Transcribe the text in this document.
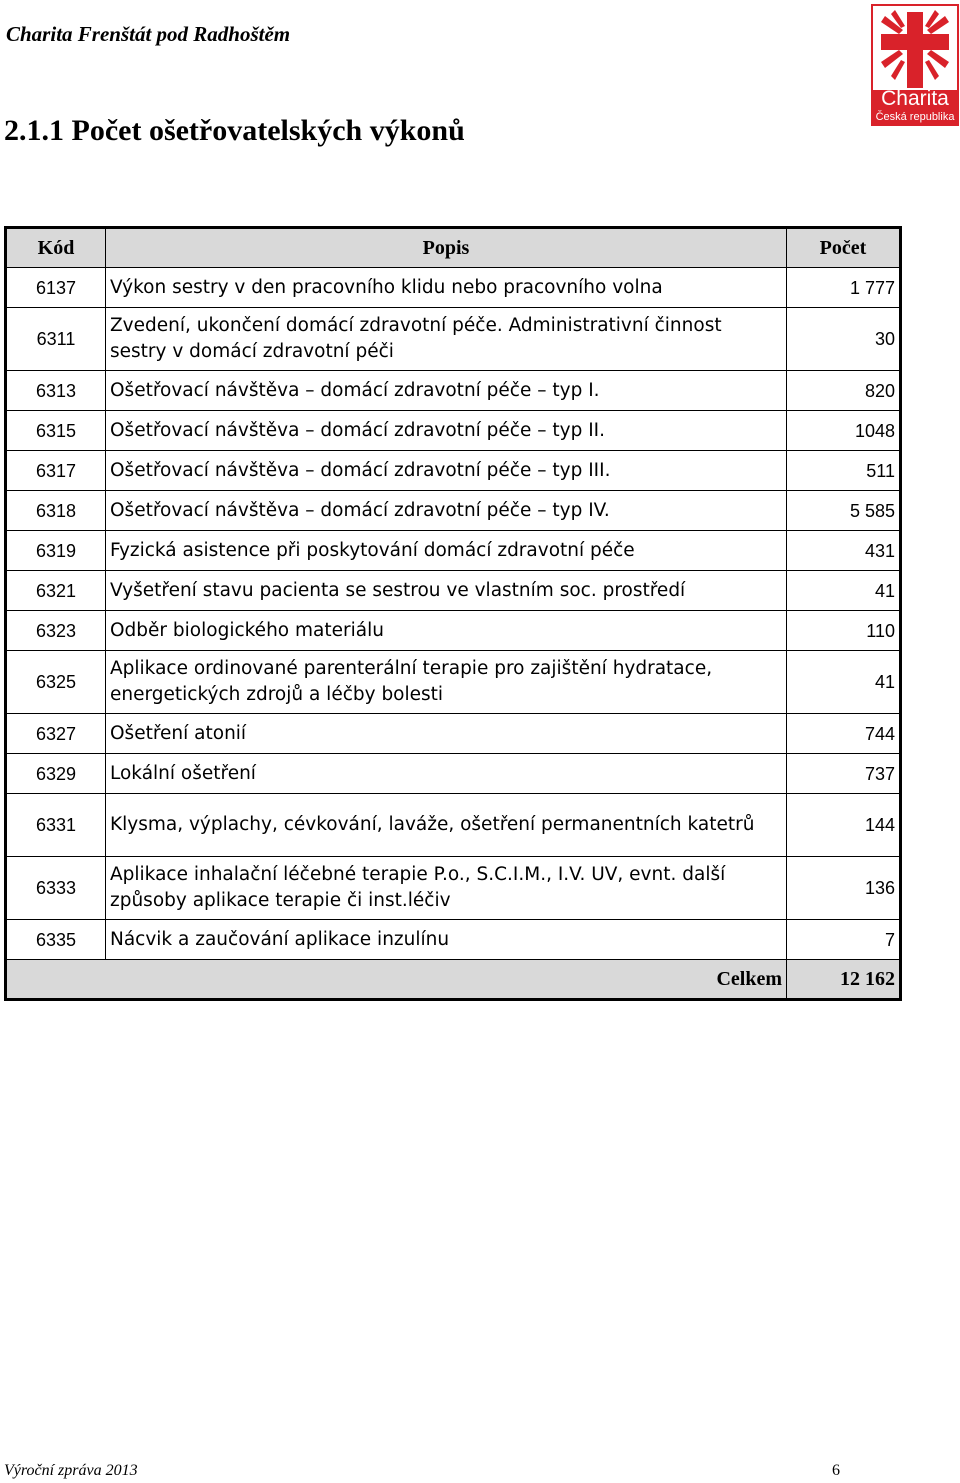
Charita Frenštát pod Radhoštěm
Charita
Česká republika
2.1.1 Počet ošetřovatelských výkonů
Kód	Popis	Počet
6137	Výkon sestry v den pracovního klidu nebo pracovního volna	1 777
6311	Zvedení, ukončení domácí zdravotní péče. Administrativní činnost sestry v domácí zdravotní péči	30
6313	Ošetřovací návštěva – domácí zdravotní péče – typ I.	820
6315	Ošetřovací návštěva – domácí zdravotní péče – typ II.	1048
6317	Ošetřovací návštěva – domácí zdravotní péče – typ III.	511
6318	Ošetřovací návštěva – domácí zdravotní péče – typ IV.	5 585
6319	Fyzická asistence při poskytování domácí zdravotní péče	431
6321	Vyšetření stavu pacienta se sestrou ve vlastním soc. prostředí	41
6323	Odběr biologického materiálu	110
6325	Aplikace ordinované parenterální terapie pro zajištění hydratace, energetických zdrojů a léčby bolesti	41
6327	Ošetření atonií	744
6329	Lokální ošetření	737
6331	Klysma, výplachy, cévkování, laváže, ošetření permanentních katetrů	144
6333	Aplikace inhalační léčebné terapie P.o., S.C.I.M., I.V. UV, evnt. další způsoby aplikace terapie či inst.léčiv	136
6335	Nácvik a zaučování aplikace inzulínu	7
Celkem		12 162
Výroční zpráva 2013	6
